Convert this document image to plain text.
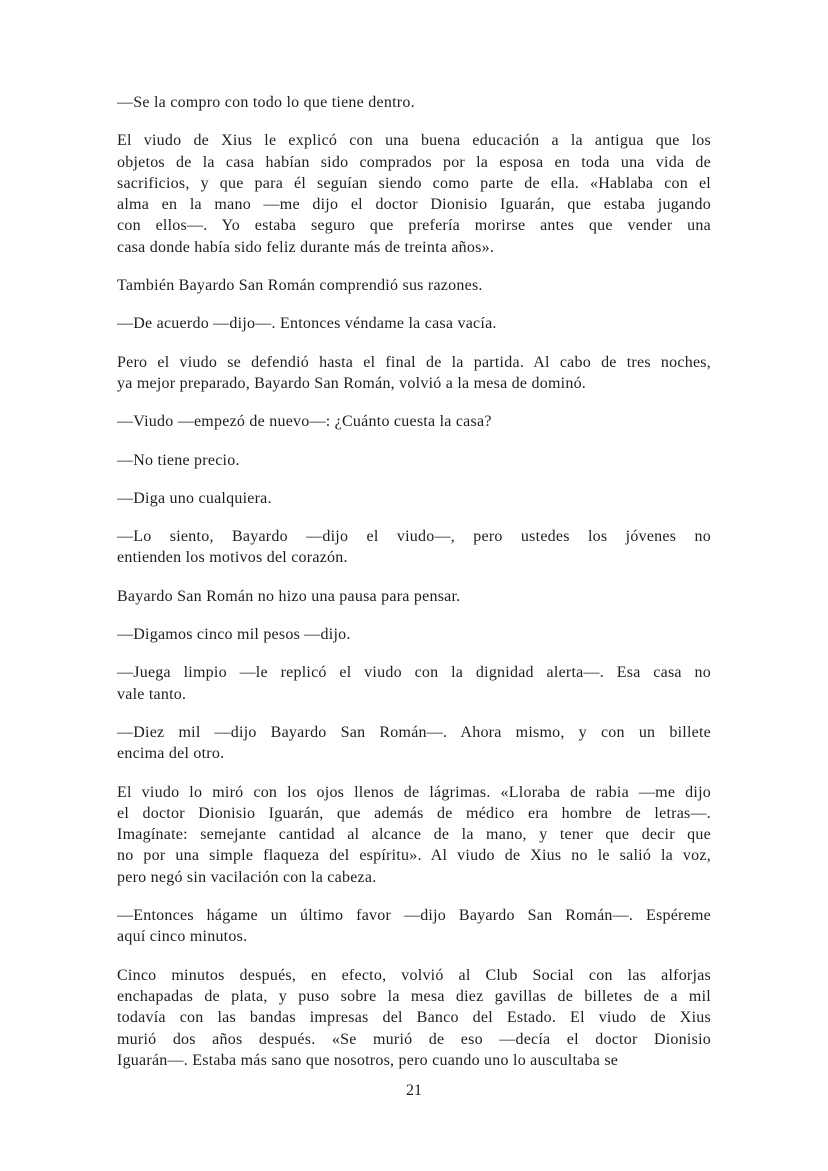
—Se la compro con todo lo que tiene dentro.
El viudo de Xius le explicó con una buena educación a la antigua que los
objetos de la casa habían sido comprados por la esposa en toda una vida de
sacrificios, y que para él seguían siendo como parte de ella. «Hablaba con el
alma en la mano —me dijo el doctor Dionisio Iguarán, que estaba jugando
con ellos—. Yo estaba seguro que prefería morirse antes que vender una
casa donde había sido feliz durante más de treinta años».
También Bayardo San Román comprendió sus razones.
—De acuerdo —dijo—. Entonces véndame la casa vacía.
Pero el viudo se defendió hasta el final de la partida. Al cabo de tres noches,
ya mejor preparado, Bayardo San Román, volvió a la mesa de dominó.
—Viudo —empezó de nuevo—: ¿Cuánto cuesta la casa?
—No tiene precio.
—Diga uno cualquiera.
—Lo siento, Bayardo —dijo el viudo—, pero ustedes los jóvenes no
entienden los motivos del corazón.
Bayardo San Román no hizo una pausa para pensar.
—Digamos cinco mil pesos —dijo.
—Juega limpio —le replicó el viudo con la dignidad alerta—. Esa casa no
vale tanto.
—Diez mil —dijo Bayardo San Román—. Ahora mismo, y con un billete
encima del otro.
El viudo lo miró con los ojos llenos de lágrimas. «Lloraba de rabia —me dijo
el doctor Dionisio Iguarán, que además de médico era hombre de letras—.
Imagínate: semejante cantidad al alcance de la mano, y tener que decir que
no por una simple flaqueza del espíritu». Al viudo de Xius no le salió la voz,
pero negó sin vacilación con la cabeza.
—Entonces hágame un último favor —dijo Bayardo San Román—. Espéreme
aquí cinco minutos.
Cinco minutos después, en efecto, volvió al Club Social con las alforjas
enchapadas de plata, y puso sobre la mesa diez gavillas de billetes de a mil
todavía con las bandas impresas del Banco del Estado. El viudo de Xius
murió dos años después. «Se murió de eso —decía el doctor Dionisio
Iguarán—. Estaba más sano que nosotros, pero cuando uno lo auscultaba se
21
